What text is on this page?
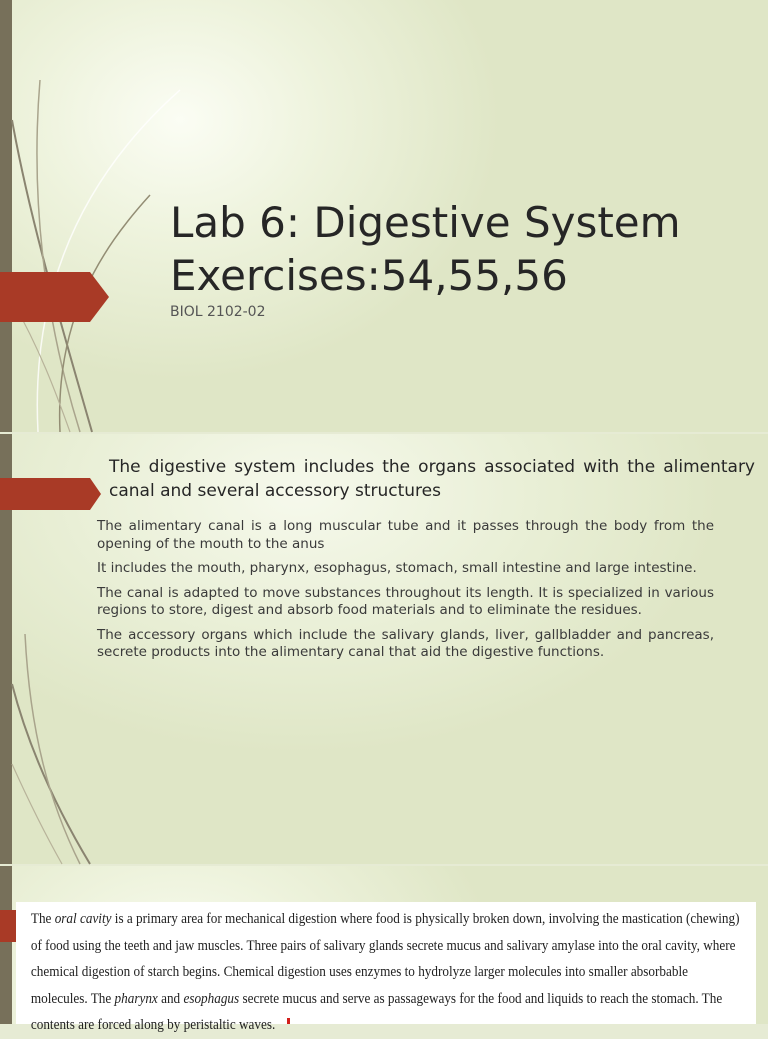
Lab 6: Digestive System
Exercises:54,55,56

BIOL 2102-02

The digestive system includes the organs associated with the alimentary canal and several accessory structures
The alimentary canal is a long muscular tube and it passes through the body from the opening of the mouth to the anus
It includes the mouth, pharynx, esophagus, stomach, small intestine and large intestine.
The canal is adapted to move substances throughout its length. It is specialized in various regions to store, digest and absorb food materials and to eliminate the residues.
The accessory organs which include the salivary glands, liver, gallbladder and pancreas, secrete products into the alimentary canal that aid the digestive functions.

The oral cavity is a primary area for mechanical digestion where food is physically broken down, involving the mastication (chewing) of food using the teeth and jaw muscles. Three pairs of salivary glands secrete mucus and salivary amylase into the oral cavity, where chemical digestion of starch begins. Chemical digestion uses enzymes to hydrolyze larger molecules into smaller absorbable molecules. The pharynx and esophagus secrete mucus and serve as passageways for the food and liquids to reach the stomach. The contents are forced along by peristaltic waves.
